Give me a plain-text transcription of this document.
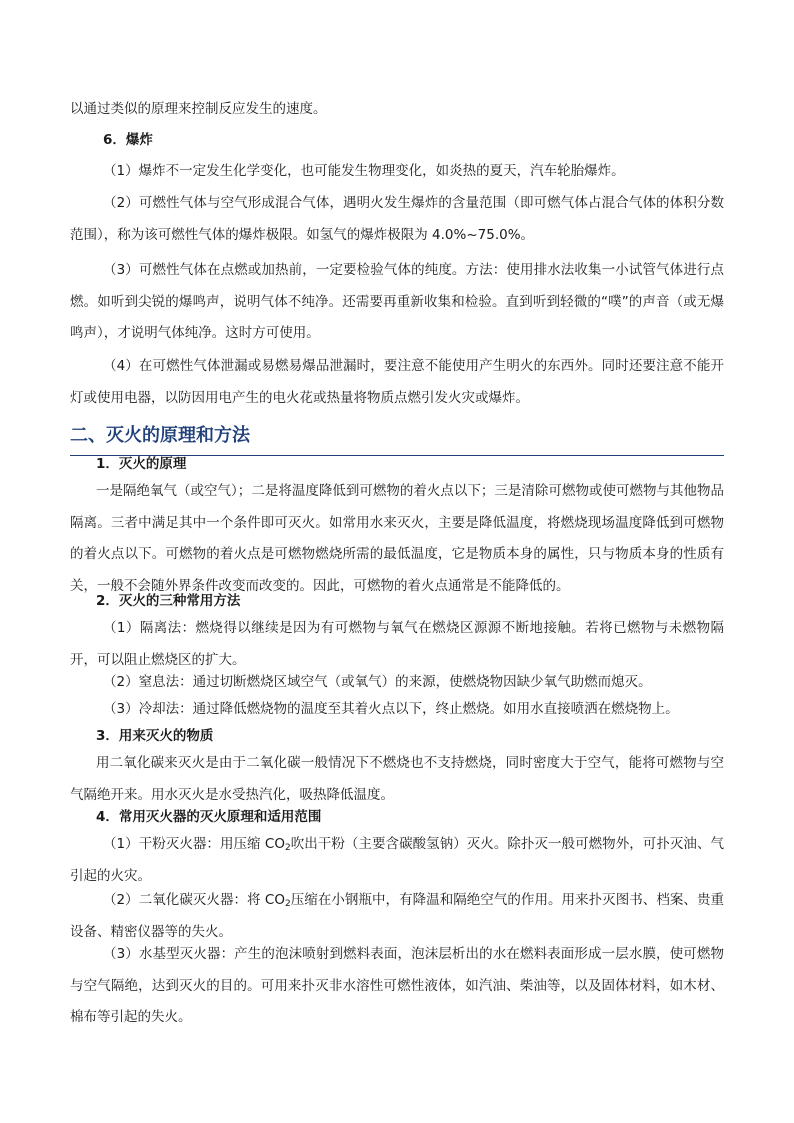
以通过类似的原理来控制反应发生的速度。

6．爆炸

（1）爆炸不一定发生化学变化，也可能发生物理变化，如炎热的夏天，汽车轮胎爆炸。

（2）可燃性气体与空气形成混合气体，遇明火发生爆炸的含量范围（即可燃气体占混合气体的体积分数范围），称为该可燃性气体的爆炸极限。如氢气的爆炸极限为 4.0%~75.0%。

（3）可燃性气体在点燃或加热前，一定要检验气体的纯度。方法：使用排水法收集一小试管气体进行点燃。如听到尖锐的爆鸣声，说明气体不纯净。还需要再重新收集和检验。直到听到轻微的“噗”的声音（或无爆鸣声），才说明气体纯净。这时方可使用。

（4）在可燃性气体泄漏或易燃易爆品泄漏时，要注意不能使用产生明火的东西外。同时还要注意不能开灯或使用电器，以防因用电产生的电火花或热量将物质点燃引发火灾或爆炸。

二、灭火的原理和方法

1．灭火的原理

一是隔绝氧气（或空气）；二是将温度降低到可燃物的着火点以下；三是清除可燃物或使可燃物与其他物品隔离。三者中满足其中一个条件即可灭火。如常用水来灭火，主要是降低温度，将燃烧现场温度降低到可燃物的着火点以下。可燃物的着火点是可燃物燃烧所需的最低温度，它是物质本身的属性，只与物质本身的性质有关，一般不会随外界条件改变而改变的。因此，可燃物的着火点通常是不能降低的。

2．灭火的三种常用方法

（1）隔离法：燃烧得以继续是因为有可燃物与氧气在燃烧区源源不断地接触。若将已燃物与未燃物隔开，可以阻止燃烧区的扩大。

（2）窒息法：通过切断燃烧区域空气（或氧气）的来源，使燃烧物因缺少氧气助燃而熄灭。

（3）冷却法：通过降低燃烧物的温度至其着火点以下，终止燃烧。如用水直接喷洒在燃烧物上。

3．用来灭火的物质

用二氧化碳来灭火是由于二氧化碳一般情况下不燃烧也不支持燃烧，同时密度大于空气，能将可燃物与空气隔绝开来。用水灭火是水受热汽化，吸热降低温度。

4．常用灭火器的灭火原理和适用范围

（1）干粉灭火器：用压缩 $CO_2$吹出干粉（主要含碳酸氢钠）灭火。除扑灭一般可燃物外，可扑灭油、气引起的火灾。

（2）二氧化碳灭火器：将 $CO_2$压缩在小钢瓶中，有降温和隔绝空气的作用。用来扑灭图书、档案、贵重设备、精密仪器等的失火。

（3）水基型灭火器：产生的泡沫喷射到燃料表面，泡沫层析出的水在燃料表面形成一层水膜，使可燃物与空气隔绝，达到灭火的目的。可用来扑灭非水溶性可燃性液体，如汽油、柴油等，以及固体材料，如木材、棉布等引起的失火。
